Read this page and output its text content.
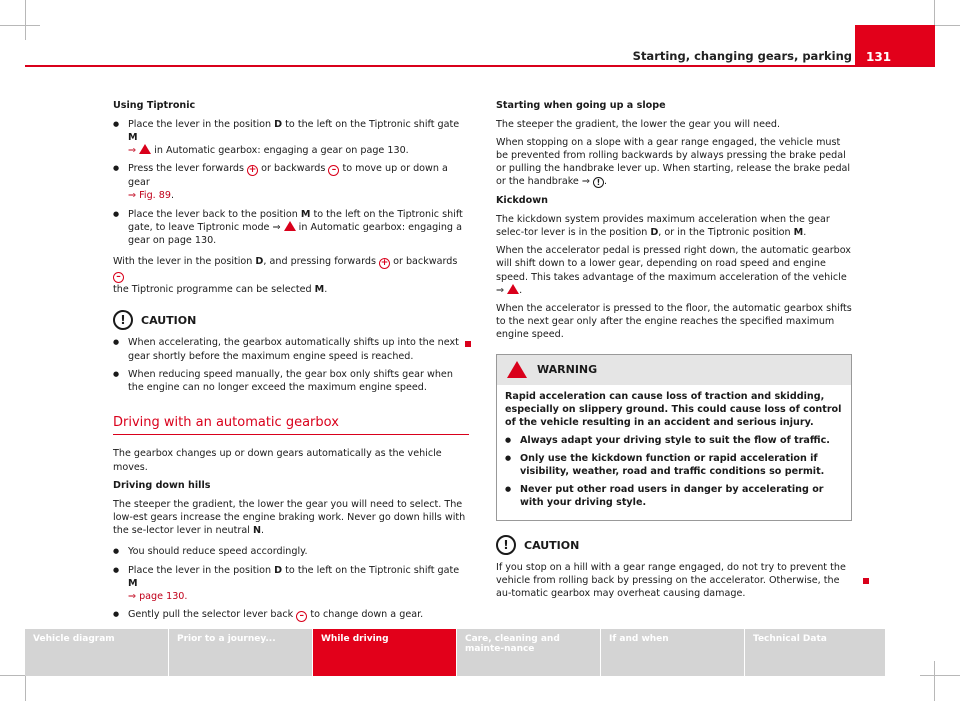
131
Starting, changing gears, parking

Using Tiptronic

● Place the lever in the position D to the left on the Tiptronic shift gate M
⇒  in Automatic gearbox: engaging a gear on page 130.

● Press the lever forwards + or backwards – to move up or down a gear
⇒ Fig. 89.

● Place the lever back to the position M to the left on the Tiptronic shift gate, to leave Tiptronic mode ⇒  in Automatic gearbox: engaging a gear on page 130.

With the lever in the position D, and pressing forwards + or backwards –
the Tiptronic programme can be selected M.

!	CAUTION

● When accelerating, the gearbox automatically shifts up into the next gear shortly before the maximum engine speed is reached.

● When reducing speed manually, the gear box only shifts gear when the engine can no longer exceed the maximum engine speed.

Driving with an automatic gearbox

The gearbox changes up or down gears automatically as the vehicle moves.

Driving down hills

The steeper the gradient, the lower the gear you will need to select. The low-est gears increase the engine braking work. Never go down hills with the se-lector lever in neutral N.

● You should reduce speed accordingly.

● Place the lever in the position D to the left on the Tiptronic shift gate M
⇒ page 130.

● Gently pull the selector lever back – to change down a gear.

Starting when going up a slope

The steeper the gradient, the lower the gear you will need.

When stopping on a slope with a gear range engaged, the vehicle must be prevented from rolling backwards by always pressing the brake pedal or pulling the handbrake lever up. When starting, release the brake pedal or the handbrake ⇒ ! .

Kickdown

The kickdown system provides maximum acceleration when the gear selec-tor lever is in the position D, or in the Tiptronic position M.

When the accelerator pedal is pressed right down, the automatic gearbox will shift down to a lower gear, depending on road speed and engine speed. This takes advantage of the maximum acceleration of the vehicle ⇒ .

When the accelerator is pressed to the floor, the automatic gearbox shifts to the next gear only after the engine reaches the specified maximum engine speed.

WARNING

Rapid acceleration can cause loss of traction and skidding, especially on slippery ground. This could cause loss of control of the vehicle resulting in an accident and serious injury.

● Always adapt your driving style to suit the flow of traffic.

● Only use the kickdown function or rapid acceleration if visibility, weather, road and traffic conditions so permit.

● Never put other road users in danger by accelerating or with your driving style.

!	CAUTION

If you stop on a hill with a gear range engaged, do not try to prevent the vehicle from rolling back by pressing on the accelerator. Otherwise, the au-tomatic gearbox may overheat causing damage.

Vehicle diagram	Prior to a journey...	While driving	Care, cleaning and mainte-nance
If and when	Technical Data
